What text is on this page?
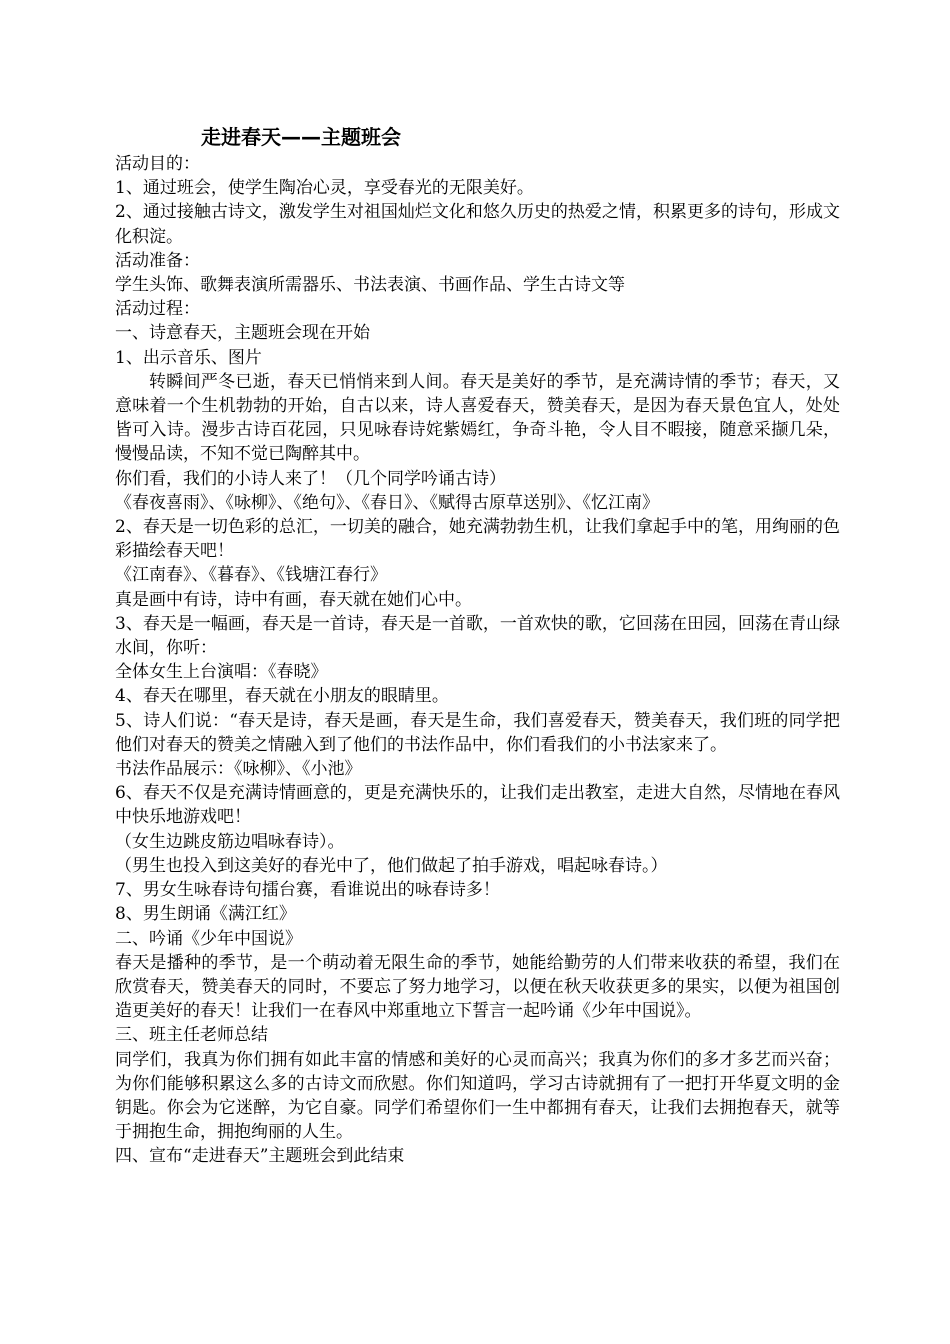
走进春天——主题班会
活动目的：
1、通过班会，使学生陶冶心灵，享受春光的无限美好。
2、通过接触古诗文，激发学生对祖国灿烂文化和悠久历史的热爱之情，积累更多的诗句，形成文化积淀。
活动准备：
学生头饰、歌舞表演所需器乐、书法表演、书画作品、学生古诗文等
活动过程：
一、诗意春天，主题班会现在开始
1、出示音乐、图片
转瞬间严冬已逝，春天已悄悄来到人间。春天是美好的季节，是充满诗情的季节；春天，又意味着一个生机勃勃的开始，自古以来，诗人喜爱春天，赞美春天，是因为春天景色宜人，处处皆可入诗。漫步古诗百花园，只见咏春诗姹紫嫣红，争奇斗艳，令人目不暇接，随意采撷几朵，慢慢品读，不知不觉已陶醉其中。
你们看，我们的小诗人来了！（几个同学吟诵古诗）
《春夜喜雨》、《咏柳》、《绝句》、《春日》、《赋得古原草送别》、《忆江南》
2、春天是一切色彩的总汇，一切美的融合，她充满勃勃生机，让我们拿起手中的笔，用绚丽的色彩描绘春天吧！
《江南春》、《暮春》、《钱塘江春行》
真是画中有诗，诗中有画，春天就在她们心中。
3、春天是一幅画，春天是一首诗，春天是一首歌，一首欢快的歌，它回荡在田园，回荡在青山绿水间，你听：
全体女生上台演唱：《春晓》
4、春天在哪里，春天就在小朋友的眼睛里。
5、诗人们说：“春天是诗，春天是画，春天是生命，我们喜爱春天，赞美春天，我们班的同学把他们对春天的赞美之情融入到了他们的书法作品中，你们看我们的小书法家来了。
书法作品展示：《咏柳》、《小池》
6、春天不仅是充满诗情画意的，更是充满快乐的，让我们走出教室，走进大自然，尽情地在春风中快乐地游戏吧！
（女生边跳皮筋边唱咏春诗）。
（男生也投入到这美好的春光中了，他们做起了拍手游戏，唱起咏春诗。）
7、男女生咏春诗句擂台赛，看谁说出的咏春诗多！
8、男生朗诵《满江红》
二、吟诵《少年中国说》
春天是播种的季节，是一个萌动着无限生命的季节，她能给勤劳的人们带来收获的希望，我们在欣赏春天，赞美春天的同时，不要忘了努力地学习，以便在秋天收获更多的果实，以便为祖国创造更美好的春天！让我们一在春风中郑重地立下誓言一起吟诵《少年中国说》。
三、班主任老师总结
同学们，我真为你们拥有如此丰富的情感和美好的心灵而高兴；我真为你们的多才多艺而兴奋；为你们能够积累这么多的古诗文而欣慰。你们知道吗，学习古诗就拥有了一把打开华夏文明的金钥匙。你会为它迷醉，为它自豪。同学们希望你们一生中都拥有春天，让我们去拥抱春天，就等于拥抱生命，拥抱绚丽的人生。
四、宣布“走进春天”主题班会到此结束
